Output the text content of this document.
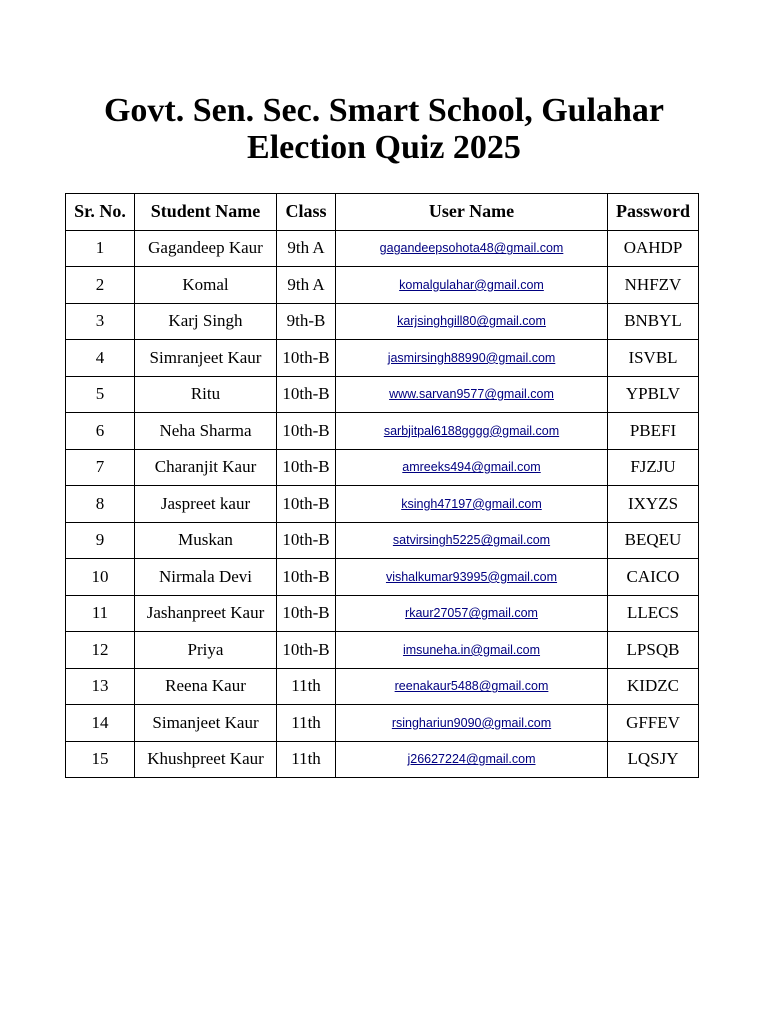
Govt. Sen. Sec. Smart School, Gulahar

Election Quiz 2025

Sr. No.	Student Name	Class	User Name	Password
1	Gagandeep Kaur	9th A	gagandeepsohota48@gmail.com	OAHDP
2	Komal	9th A	komalgulahar@gmail.com	NHFZV
3	Karj Singh	9th-B	karjsinghgill80@gmail.com	BNBYL
4	Simranjeet Kaur	10th-B	jasmirsingh88990@gmail.com	ISVBL
5	Ritu	10th-B	www.sarvan9577@gmail.com	YPBLV
6	Neha Sharma	10th-B	sarbjitpal6188gggg@gmail.com	PBEFI
7	Charanjit Kaur	10th-B	amreeks494@gmail.com	FJZJU
8	Jaspreet kaur	10th-B	ksingh47197@gmail.com	IXYZS
9	Muskan	10th-B	satvirsingh5225@gmail.com	BEQEU
10	Nirmala Devi	10th-B	vishalkumar93995@gmail.com	CAICO
11	Jashanpreet Kaur	10th-B	rkaur27057@gmail.com	LLECS
12	Priya	10th-B	imsuneha.in@gmail.com	LPSQB
13	Reena Kaur	11th	reenakaur5488@gmail.com	KIDZC
14	Simanjeet Kaur	11th	rsinghariun9090@gmail.com	GFFEV
15	Khushpreet Kaur	11th	j26627224@gmail.com	LQSJY
